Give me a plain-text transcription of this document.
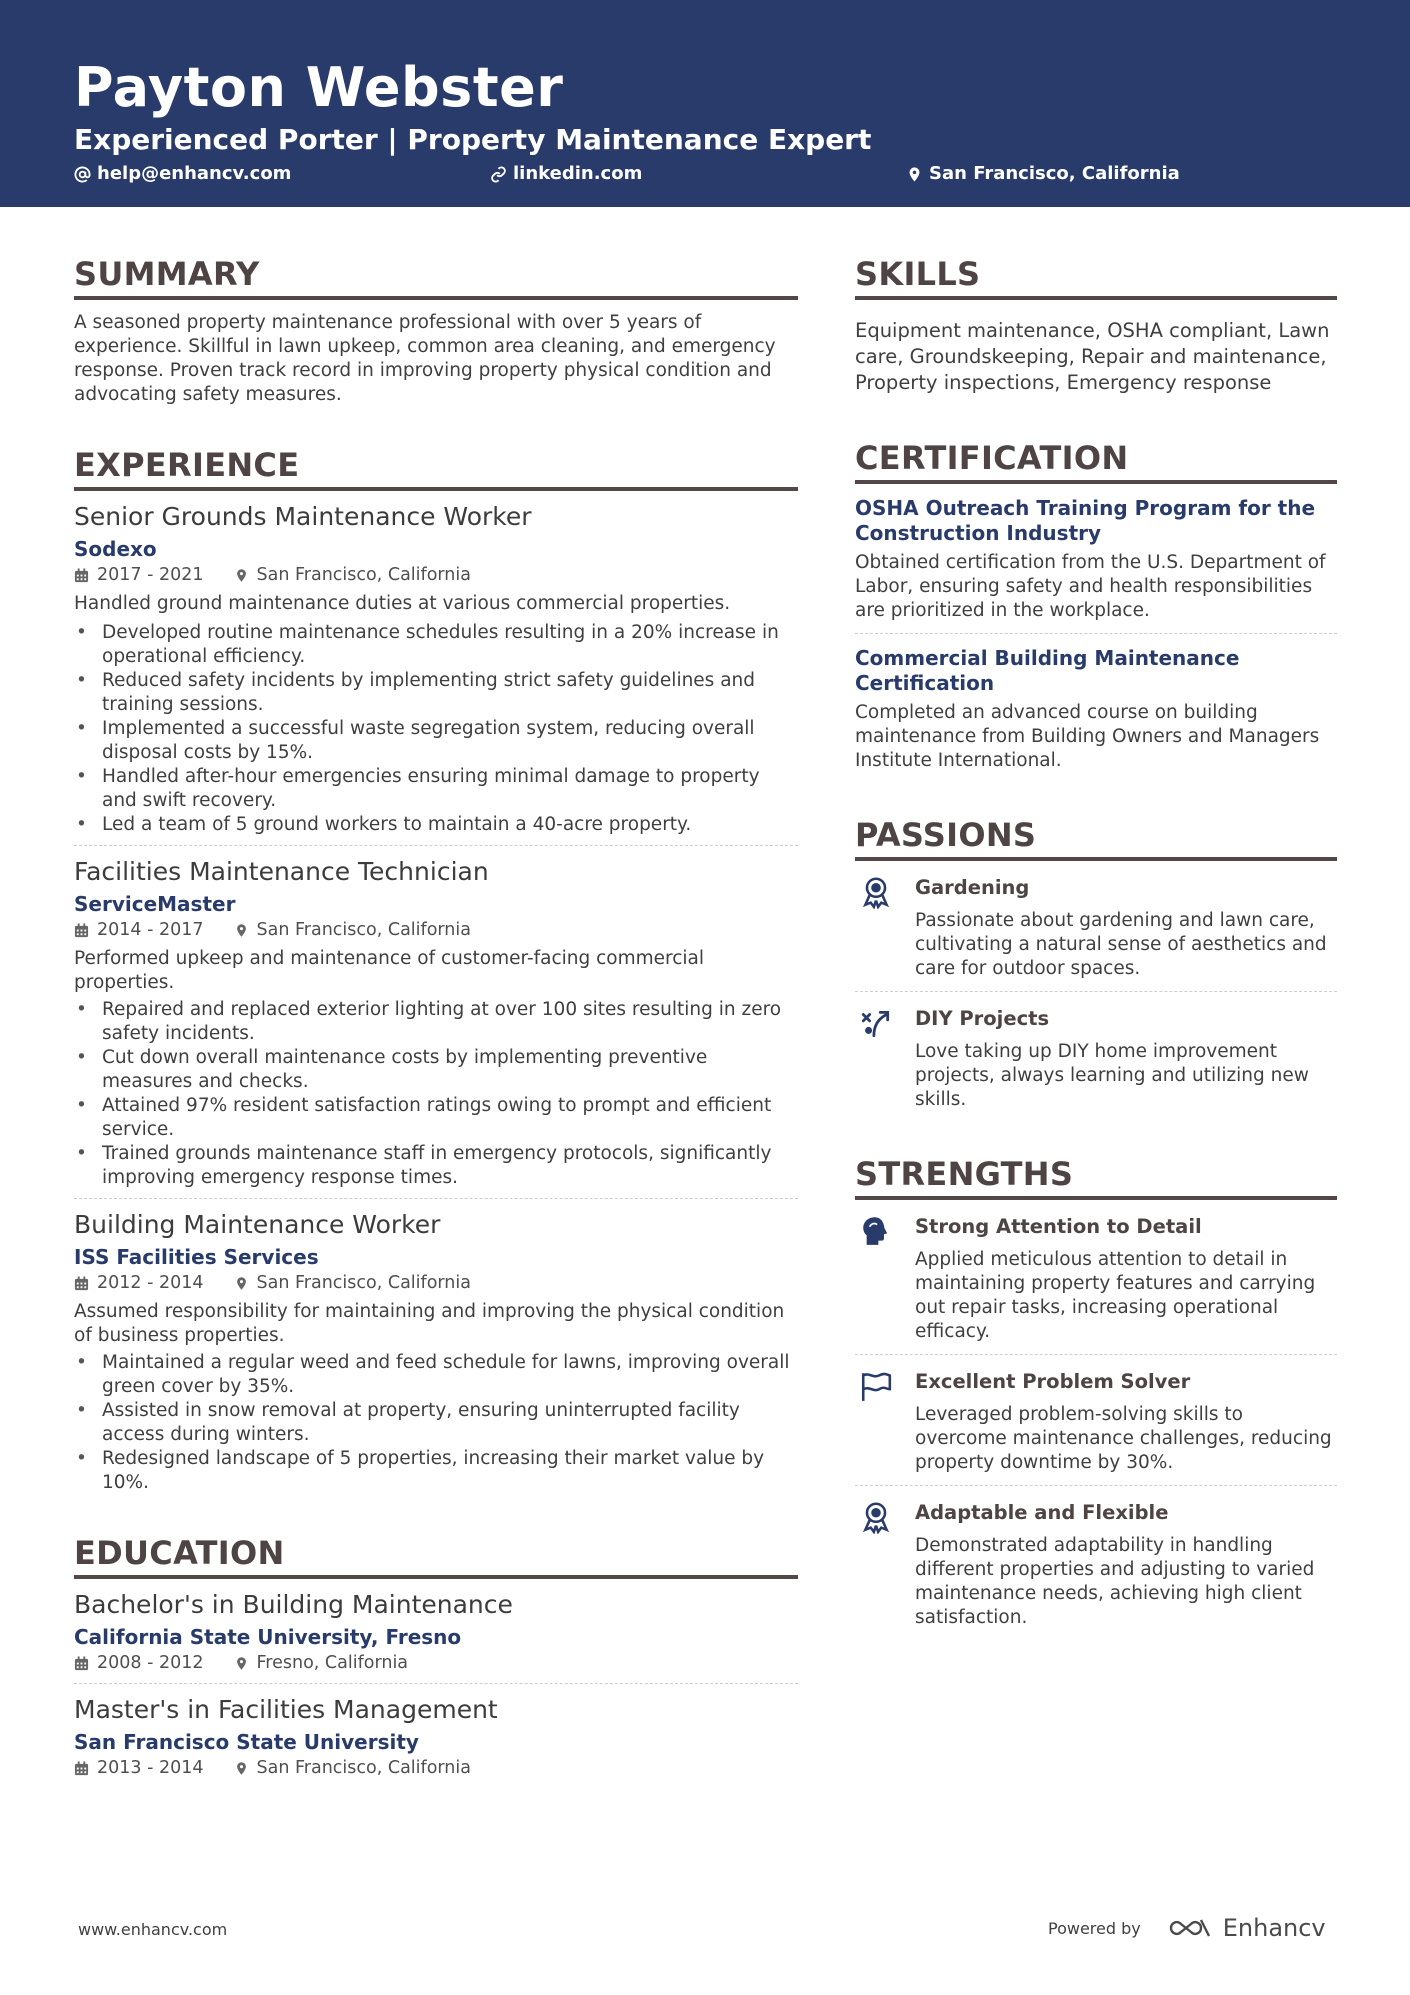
Payton Webster
Experienced Porter | Property Maintenance Expert
help@enhancv.com	linkedin.com	San Francisco, California
SUMMARY
A seasoned property maintenance professional with over 5 years of experience. Skillful in lawn upkeep, common area cleaning, and emergency response. Proven track record in improving property physical condition and advocating safety measures.
EXPERIENCE
Senior Grounds Maintenance Worker
Sodexo
2017 - 2021	San Francisco, California
Handled ground maintenance duties at various commercial properties.
• Developed routine maintenance schedules resulting in a 20% increase in operational efficiency.
• Reduced safety incidents by implementing strict safety guidelines and training sessions.
• Implemented a successful waste segregation system, reducing overall disposal costs by 15%.
• Handled after-hour emergencies ensuring minimal damage to property and swift recovery.
• Led a team of 5 ground workers to maintain a 40-acre property.
Facilities Maintenance Technician
ServiceMaster
2014 - 2017	San Francisco, California
Performed upkeep and maintenance of customer-facing commercial properties.
• Repaired and replaced exterior lighting at over 100 sites resulting in zero safety incidents.
• Cut down overall maintenance costs by implementing preventive measures and checks.
• Attained 97% resident satisfaction ratings owing to prompt and efficient service.
• Trained grounds maintenance staff in emergency protocols, significantly improving emergency response times.
Building Maintenance Worker
ISS Facilities Services
2012 - 2014	San Francisco, California
Assumed responsibility for maintaining and improving the physical condition of business properties.
• Maintained a regular weed and feed schedule for lawns, improving overall green cover by 35%.
• Assisted in snow removal at property, ensuring uninterrupted facility access during winters.
• Redesigned landscape of 5 properties, increasing their market value by 10%.
EDUCATION
Bachelor's in Building Maintenance
California State University, Fresno
2008 - 2012	Fresno, California
Master's in Facilities Management
San Francisco State University
2013 - 2014	San Francisco, California
SKILLS
Equipment maintenance, OSHA compliant, Lawn care, Groundskeeping, Repair and maintenance, Property inspections, Emergency response
CERTIFICATION
OSHA Outreach Training Program for the Construction Industry
Obtained certification from the U.S. Department of Labor, ensuring safety and health responsibilities are prioritized in the workplace.
Commercial Building Maintenance Certification
Completed an advanced course on building maintenance from Building Owners and Managers Institute International.
PASSIONS
Gardening
Passionate about gardening and lawn care, cultivating a natural sense of aesthetics and care for outdoor spaces.
DIY Projects
Love taking up DIY home improvement projects, always learning and utilizing new skills.
STRENGTHS
Strong Attention to Detail
Applied meticulous attention to detail in maintaining property features and carrying out repair tasks, increasing operational efficacy.
Excellent Problem Solver
Leveraged problem-solving skills to overcome maintenance challenges, reducing property downtime by 30%.
Adaptable and Flexible
Demonstrated adaptability in handling different properties and adjusting to varied maintenance needs, achieving high client satisfaction.
www.enhancv.com	Powered by	Enhancv
